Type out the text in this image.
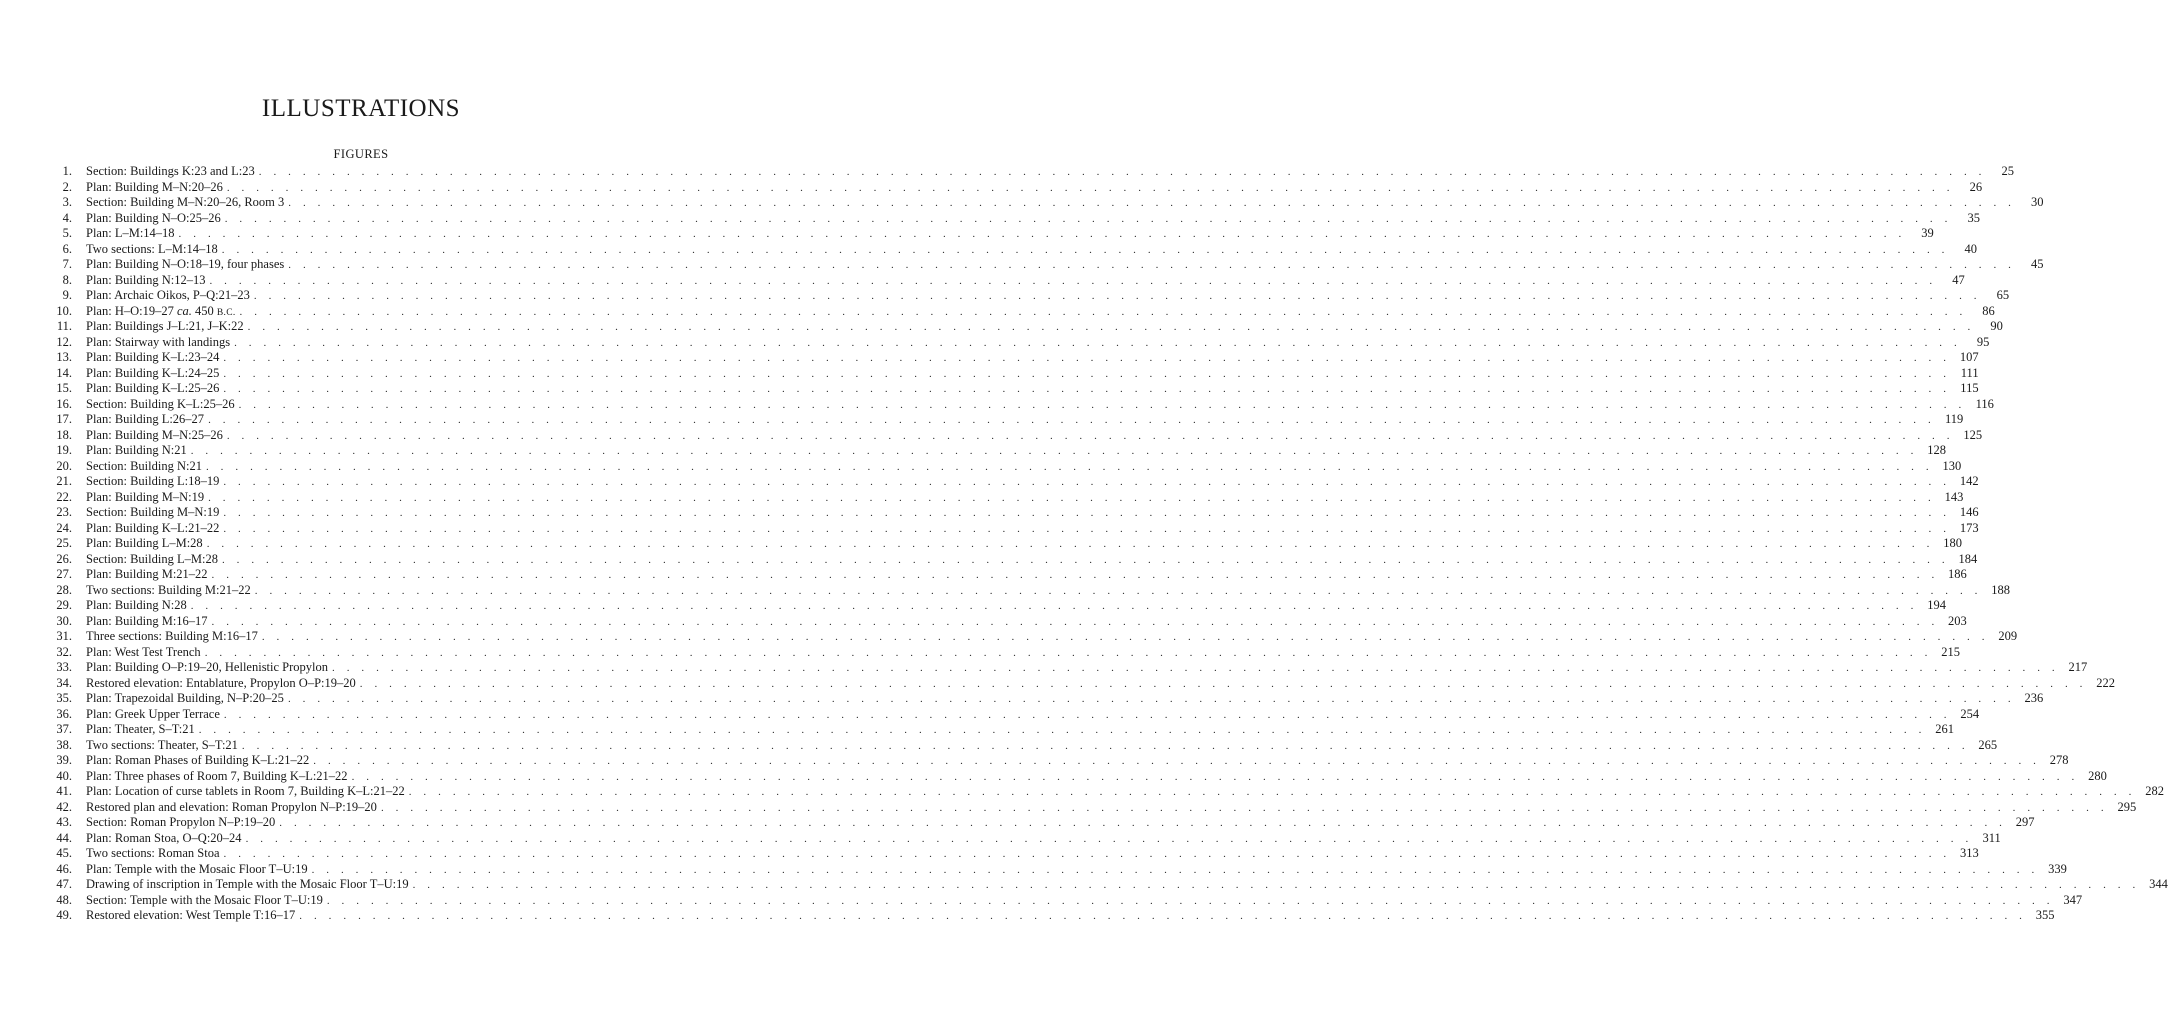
ILLUSTRATIONS
FIGURES
1. Section: Buildings K:23 and L:23 . . . . . . . . . . . . . . . . . . . . . . . . . . . . . . . . . . . . . . . . . . . . . . . . . . . . . . . . . . . . . . . . . . . . . . . . . . . . . . . . . . . . . . . . . . . . . . . . . . . . . . . . . . . . . . . . . . . . . .	25
2. Plan: Building M–N:20–26 . . . . . . . . . . . . . . . . . . . . . . . . . . . . . . . . . . . . . . . . . . . . . . . . . . . . . . . . . . . . . . . . . . . . . . . . . . . . . . . . . . . . . . . . . . . . . . . . . . . . . . . . . . . . . . . . . . . . . .	26
3. Section: Building M–N:20–26, Room 3 . . . . . . . . . . . . . . . . . . . . . . . . . . . . . . . . . . . . . . . . . . . . . . . . . . . . . . . . . . . . . . . . . . . . . . . . . . . . . . . . . . . . . . . . . . . . . . . . . . . . . . . . . . . . . . . . . . . . . .	30
4. Plan: Building N–O:25–26 . . . . . . . . . . . . . . . . . . . . . . . . . . . . . . . . . . . . . . . . . . . . . . . . . . . . . . . . . . . . . . . . . . . . . . . . . . . . . . . . . . . . . . . . . . . . . . . . . . . . . . . . . . . . . . . . . . . . . .	35
5. Plan: L–M:14–18 . . . . . . . . . . . . . . . . . . . . . . . . . . . . . . . . . . . . . . . . . . . . . . . . . . . . . . . . . . . . . . . . . . . . . . . . . . . . . . . . . . . . . . . . . . . . . . . . . . . . . . . . . . . . . . . . . . . . . .	39
6. Two sections: L–M:14–18 . . . . . . . . . . . . . . . . . . . . . . . . . . . . . . . . . . . . . . . . . . . . . . . . . . . . . . . . . . . . . . . . . . . . . . . . . . . . . . . . . . . . . . . . . . . . . . . . . . . . . . . . . . . . . . . . . . . . . .	40
7. Plan: Building N–O:18–19, four phases . . . . . . . . . . . . . . . . . . . . . . . . . . . . . . . . . . . . . . . . . . . . . . . . . . . . . . . . . . . . . . . . . . . . . . . . . . . . . . . . . . . . . . . . . . . . . . . . . . . . . . . . . . . . . . . . . . . . . .	45
8. Plan: Building N:12–13 . . . . . . . . . . . . . . . . . . . . . . . . . . . . . . . . . . . . . . . . . . . . . . . . . . . . . . . . . . . . . . . . . . . . . . . . . . . . . . . . . . . . . . . . . . . . . . . . . . . . . . . . . . . . . . . . . . . . . .	47
9. Plan: Archaic Oikos, P–Q:21–23 . . . . . . . . . . . . . . . . . . . . . . . . . . . . . . . . . . . . . . . . . . . . . . . . . . . . . . . . . . . . . . . . . . . . . . . . . . . . . . . . . . . . . . . . . . . . . . . . . . . . . . . . . . . . . . . . . . . . . .	65
10. Plan: H–O:19–27 ca. 450 B.C. . . . . . . . . . . . . . . . . . . . . . . . . . . . . . . . . . . . . . . . . . . . . . . . . . . . . . . . . . . . . . . . . . . . . . . . . . . . . . . . . . . . . . . . . . . . . . . . . . . . . . . . . . . . . . . . . . . . . . .	86
11. Plan: Buildings J–L:21, J–K:22 . . . . . . . . . . . . . . . . . . . . . . . . . . . . . . . . . . . . . . . . . . . . . . . . . . . . . . . . . . . . . . . . . . . . . . . . . . . . . . . . . . . . . . . . . . . . . . . . . . . . . . . . . . . . . . . . . . . . . .	90
12. Plan: Stairway with landings . . . . . . . . . . . . . . . . . . . . . . . . . . . . . . . . . . . . . . . . . . . . . . . . . . . . . . . . . . . . . . . . . . . . . . . . . . . . . . . . . . . . . . . . . . . . . . . . . . . . . . . . . . . . . . . . . . . . . .	95
13. Plan: Building K–L:23–24 . . . . . . . . . . . . . . . . . . . . . . . . . . . . . . . . . . . . . . . . . . . . . . . . . . . . . . . . . . . . . . . . . . . . . . . . . . . . . . . . . . . . . . . . . . . . . . . . . . . . . . . . . . . . . . . . . . . . . . 107
14. Plan: Building K–L:24–25 . . . . . . . . . . . . . . . . . . . . . . . . . . . . . . . . . . . . . . . . . . . . . . . . . . . . . . . . . . . . . . . . . . . . . . . . . . . . . . . . . . . . . . . . . . . . . . . . . . . . . . . . . . . . . . . . . . . . . . 111
15. Plan: Building K–L:25–26 . . . . . . . . . . . . . . . . . . . . . . . . . . . . . . . . . . . . . . . . . . . . . . . . . . . . . . . . . . . . . . . . . . . . . . . . . . . . . . . . . . . . . . . . . . . . . . . . . . . . . . . . . . . . . . . . . . . . . . 115
16. Section: Building K–L:25–26 . . . . . . . . . . . . . . . . . . . . . . . . . . . . . . . . . . . . . . . . . . . . . . . . . . . . . . . . . . . . . . . . . . . . . . . . . . . . . . . . . . . . . . . . . . . . . . . . . . . . . . . . . . . . . . . . . . . . . . 116
17. Plan: Building L:26–27 . . . . . . . . . . . . . . . . . . . . . . . . . . . . . . . . . . . . . . . . . . . . . . . . . . . . . . . . . . . . . . . . . . . . . . . . . . . . . . . . . . . . . . . . . . . . . . . . . . . . . . . . . . . . . . . . . . . . . . 119
18. Plan: Building M–N:25–26 . . . . . . . . . . . . . . . . . . . . . . . . . . . . . . . . . . . . . . . . . . . . . . . . . . . . . . . . . . . . . . . . . . . . . . . . . . . . . . . . . . . . . . . . . . . . . . . . . . . . . . . . . . . . . . . . . . . . . . 125
19. Plan: Building N:21 . . . . . . . . . . . . . . . . . . . . . . . . . . . . . . . . . . . . . . . . . . . . . . . . . . . . . . . . . . . . . . . . . . . . . . . . . . . . . . . . . . . . . . . . . . . . . . . . . . . . . . . . . . . . . . . . . . . . . . 128
20. Section: Building N:21 . . . . . . . . . . . . . . . . . . . . . . . . . . . . . . . . . . . . . . . . . . . . . . . . . . . . . . . . . . . . . . . . . . . . . . . . . . . . . . . . . . . . . . . . . . . . . . . . . . . . . . . . . . . . . . . . . . . . . . 130
21. Section: Building L:18–19 . . . . . . . . . . . . . . . . . . . . . . . . . . . . . . . . . . . . . . . . . . . . . . . . . . . . . . . . . . . . . . . . . . . . . . . . . . . . . . . . . . . . . . . . . . . . . . . . . . . . . . . . . . . . . . . . . . . . . . 142
22. Plan: Building M–N:19 . . . . . . . . . . . . . . . . . . . . . . . . . . . . . . . . . . . . . . . . . . . . . . . . . . . . . . . . . . . . . . . . . . . . . . . . . . . . . . . . . . . . . . . . . . . . . . . . . . . . . . . . . . . . . . . . . . . . . . 143
23. Section: Building M–N:19 . . . . . . . . . . . . . . . . . . . . . . . . . . . . . . . . . . . . . . . . . . . . . . . . . . . . . . . . . . . . . . . . . . . . . . . . . . . . . . . . . . . . . . . . . . . . . . . . . . . . . . . . . . . . . . . . . . . . . . 146
24. Plan: Building K–L:21–22 . . . . . . . . . . . . . . . . . . . . . . . . . . . . . . . . . . . . . . . . . . . . . . . . . . . . . . . . . . . . . . . . . . . . . . . . . . . . . . . . . . . . . . . . . . . . . . . . . . . . . . . . . . . . . . . . . . . . . . 173
25. Plan: Building L–M:28 . . . . . . . . . . . . . . . . . . . . . . . . . . . . . . . . . . . . . . . . . . . . . . . . . . . . . . . . . . . . . . . . . . . . . . . . . . . . . . . . . . . . . . . . . . . . . . . . . . . . . . . . . . . . . . . . . . . . . . 180
26. Section: Building L–M:28 . . . . . . . . . . . . . . . . . . . . . . . . . . . . . . . . . . . . . . . . . . . . . . . . . . . . . . . . . . . . . . . . . . . . . . . . . . . . . . . . . . . . . . . . . . . . . . . . . . . . . . . . . . . . . . . . . . . . . . 184
27. Plan: Building M:21–22 . . . . . . . . . . . . . . . . . . . . . . . . . . . . . . . . . . . . . . . . . . . . . . . . . . . . . . . . . . . . . . . . . . . . . . . . . . . . . . . . . . . . . . . . . . . . . . . . . . . . . . . . . . . . . . . . . . . . . . 186
28. Two sections: Building M:21–22 . . . . . . . . . . . . . . . . . . . . . . . . . . . . . . . . . . . . . . . . . . . . . . . . . . . . . . . . . . . . . . . . . . . . . . . . . . . . . . . . . . . . . . . . . . . . . . . . . . . . . . . . . . . . . . . . . . . . . . 188
29. Plan: Building N:28 . . . . . . . . . . . . . . . . . . . . . . . . . . . . . . . . . . . . . . . . . . . . . . . . . . . . . . . . . . . . . . . . . . . . . . . . . . . . . . . . . . . . . . . . . . . . . . . . . . . . . . . . . . . . . . . . . . . . . . 194
30. Plan: Building M:16–17 . . . . . . . . . . . . . . . . . . . . . . . . . . . . . . . . . . . . . . . . . . . . . . . . . . . . . . . . . . . . . . . . . . . . . . . . . . . . . . . . . . . . . . . . . . . . . . . . . . . . . . . . . . . . . . . . . . . . . . 203
31. Three sections: Building M:16–17 . . . . . . . . . . . . . . . . . . . . . . . . . . . . . . . . . . . . . . . . . . . . . . . . . . . . . . . . . . . . . . . . . . . . . . . . . . . . . . . . . . . . . . . . . . . . . . . . . . . . . . . . . . . . . . . . . . . . . . 209
32. Plan: West Test Trench . . . . . . . . . . . . . . . . . . . . . . . . . . . . . . . . . . . . . . . . . . . . . . . . . . . . . . . . . . . . . . . . . . . . . . . . . . . . . . . . . . . . . . . . . . . . . . . . . . . . . . . . . . . . . . . . . . . . . . 215
33. Plan: Building O–P:19–20, Hellenistic Propylon . . . . . . . . . . . . . . . . . . . . . . . . . . . . . . . . . . . . . . . . . . . . . . . . . . . . . . . . . . . . . . . . . . . . . . . . . . . . . . . . . . . . . . . . . . . . . . . . . . . . . . . . . . . . . . . . . . . . . . 217
34. Restored elevation: Entablature, Propylon O–P:19–20 . . . . . . . . . . . . . . . . . . . . . . . . . . . . . . . . . . . . . . . . . . . . . . . . . . . . . . . . . . . . . . . . . . . . . . . . . . . . . . . . . . . . . . . . . . . . . . . . . . . . . . . . . . . . . . . . . . . . . . 222
35. Plan: Trapezoidal Building, N–P:20–25 . . . . . . . . . . . . . . . . . . . . . . . . . . . . . . . . . . . . . . . . . . . . . . . . . . . . . . . . . . . . . . . . . . . . . . . . . . . . . . . . . . . . . . . . . . . . . . . . . . . . . . . . . . . . . . . . . . . . . . 236
36. Plan: Greek Upper Terrace . . . . . . . . . . . . . . . . . . . . . . . . . . . . . . . . . . . . . . . . . . . . . . . . . . . . . . . . . . . . . . . . . . . . . . . . . . . . . . . . . . . . . . . . . . . . . . . . . . . . . . . . . . . . . . . . . . . . . . 254
37. Plan: Theater, S–T:21 . . . . . . . . . . . . . . . . . . . . . . . . . . . . . . . . . . . . . . . . . . . . . . . . . . . . . . . . . . . . . . . . . . . . . . . . . . . . . . . . . . . . . . . . . . . . . . . . . . . . . . . . . . . . . . . . . . . . . . 261
38. Two sections: Theater, S–T:21 . . . . . . . . . . . . . . . . . . . . . . . . . . . . . . . . . . . . . . . . . . . . . . . . . . . . . . . . . . . . . . . . . . . . . . . . . . . . . . . . . . . . . . . . . . . . . . . . . . . . . . . . . . . . . . . . . . . . . . 265
39. Plan: Roman Phases of Building K–L:21–22 . . . . . . . . . . . . . . . . . . . . . . . . . . . . . . . . . . . . . . . . . . . . . . . . . . . . . . . . . . . . . . . . . . . . . . . . . . . . . . . . . . . . . . . . . . . . . . . . . . . . . . . . . . . . . . . . . . . . . . 278
40. Plan: Three phases of Room 7, Building K–L:21–22 . . . . . . . . . . . . . . . . . . . . . . . . . . . . . . . . . . . . . . . . . . . . . . . . . . . . . . . . . . . . . . . . . . . . . . . . . . . . . . . . . . . . . . . . . . . . . . . . . . . . . . . . . . . . . . . . . . . . . . 280
41. Plan: Location of curse tablets in Room 7, Building K–L:21–22 . . . . . . . . . . . . . . . . . . . . . . . . . . . . . . . . . . . . . . . . . . . . . . . . . . . . . . . . . . . . . . . . . . . . . . . . . . . . . . . . . . . . . . . . . . . . . . . . . . . . . . . . . . . . . . . . . . . . . . 282
42. Restored plan and elevation: Roman Propylon N–P:19–20 . . . . . . . . . . . . . . . . . . . . . . . . . . . . . . . . . . . . . . . . . . . . . . . . . . . . . . . . . . . . . . . . . . . . . . . . . . . . . . . . . . . . . . . . . . . . . . . . . . . . . . . . . . . . . . . . . . . . . . 295
43. Section: Roman Propylon N–P:19–20 . . . . . . . . . . . . . . . . . . . . . . . . . . . . . . . . . . . . . . . . . . . . . . . . . . . . . . . . . . . . . . . . . . . . . . . . . . . . . . . . . . . . . . . . . . . . . . . . . . . . . . . . . . . . . . . . . . . . . . 297
44. Plan: Roman Stoa, O–Q:20–24 . . . . . . . . . . . . . . . . . . . . . . . . . . . . . . . . . . . . . . . . . . . . . . . . . . . . . . . . . . . . . . . . . . . . . . . . . . . . . . . . . . . . . . . . . . . . . . . . . . . . . . . . . . . . . . . . . . . . . . 311
45. Two sections: Roman Stoa . . . . . . . . . . . . . . . . . . . . . . . . . . . . . . . . . . . . . . . . . . . . . . . . . . . . . . . . . . . . . . . . . . . . . . . . . . . . . . . . . . . . . . . . . . . . . . . . . . . . . . . . . . . . . . . . . . . . . . 313
46. Plan: Temple with the Mosaic Floor T–U:19 . . . . . . . . . . . . . . . . . . . . . . . . . . . . . . . . . . . . . . . . . . . . . . . . . . . . . . . . . . . . . . . . . . . . . . . . . . . . . . . . . . . . . . . . . . . . . . . . . . . . . . . . . . . . . . . . . . . . . . 339
47. Drawing of inscription in Temple with the Mosaic Floor T–U:19 . . . . . . . . . . . . . . . . . . . . . . . . . . . . . . . . . . . . . . . . . . . . . . . . . . . . . . . . . . . . . . . . . . . . . . . . . . . . . . . . . . . . . . . . . . . . . . . . . . . . . . . . . . . . . . . . . . . . . . 344
48. Section: Temple with the Mosaic Floor T–U:19 . . . . . . . . . . . . . . . . . . . . . . . . . . . . . . . . . . . . . . . . . . . . . . . . . . . . . . . . . . . . . . . . . . . . . . . . . . . . . . . . . . . . . . . . . . . . . . . . . . . . . . . . . . . . . . . . . . . . . . 347
49. Restored elevation: West Temple T:16–17 . . . . . . . . . . . . . . . . . . . . . . . . . . . . . . . . . . . . . . . . . . . . . . . . . . . . . . . . . . . . . . . . . . . . . . . . . . . . . . . . . . . . . . . . . . . . . . . . . . . . . . . . . . . . . . . . . . . . . . 355
